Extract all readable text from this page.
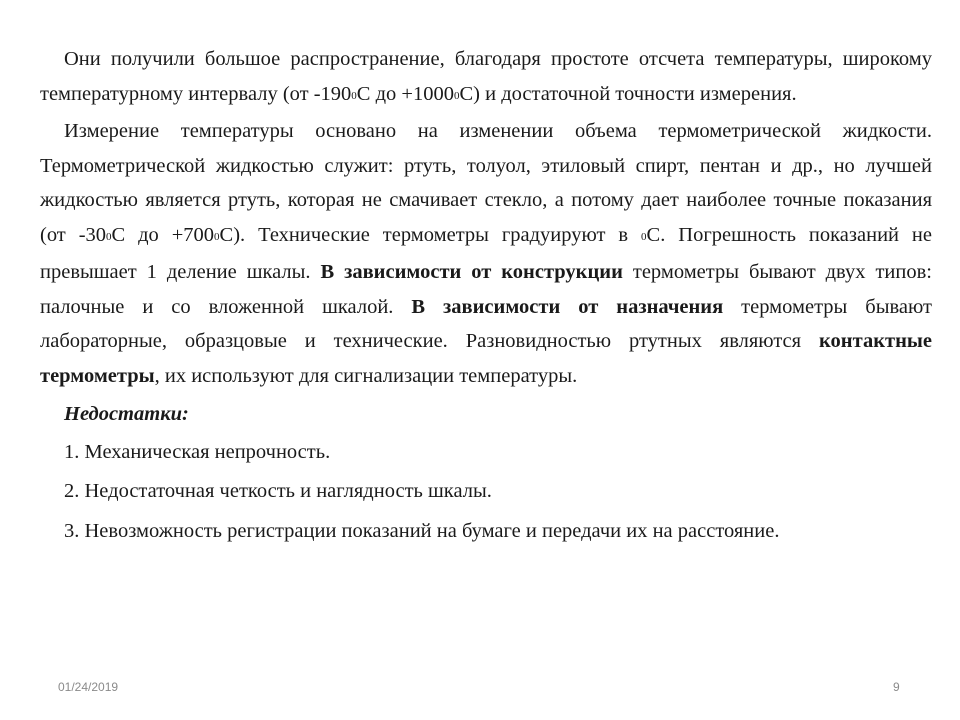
Они получили большое распространение, благодаря простоте отсчета температуры, широкому температурному интервалу (от -1900С до +10000С) и достаточной точности измерения.

Измерение температуры основано на изменении объема термометрической жидкости. Термометрической жидкостью служит: ртуть, толуол, этиловый спирт, пентан и др., но лучшей жидкостью является ртуть, которая не смачивает стекло, а потому дает наиболее точные показания (от -300С до +7000С). Технические термометры градуируют в 0С. Погрешность показаний не превышает 1 деление шкалы. В зависимости от конструкции термометры бывают двух типов: палочные и со вложенной шкалой. В зависимости от назначения термометры бывают лабораторные, образцовые и технические. Разновидностью ртутных являются контактные термометры, их используют для сигнализации температуры.

Недостатки:
1. Механическая непрочность.
2. Недостаточная четкость и наглядность шкалы.
3. Невозможность регистрации показаний на бумаге и передачи их на расстояние.
01/24/2019	9
